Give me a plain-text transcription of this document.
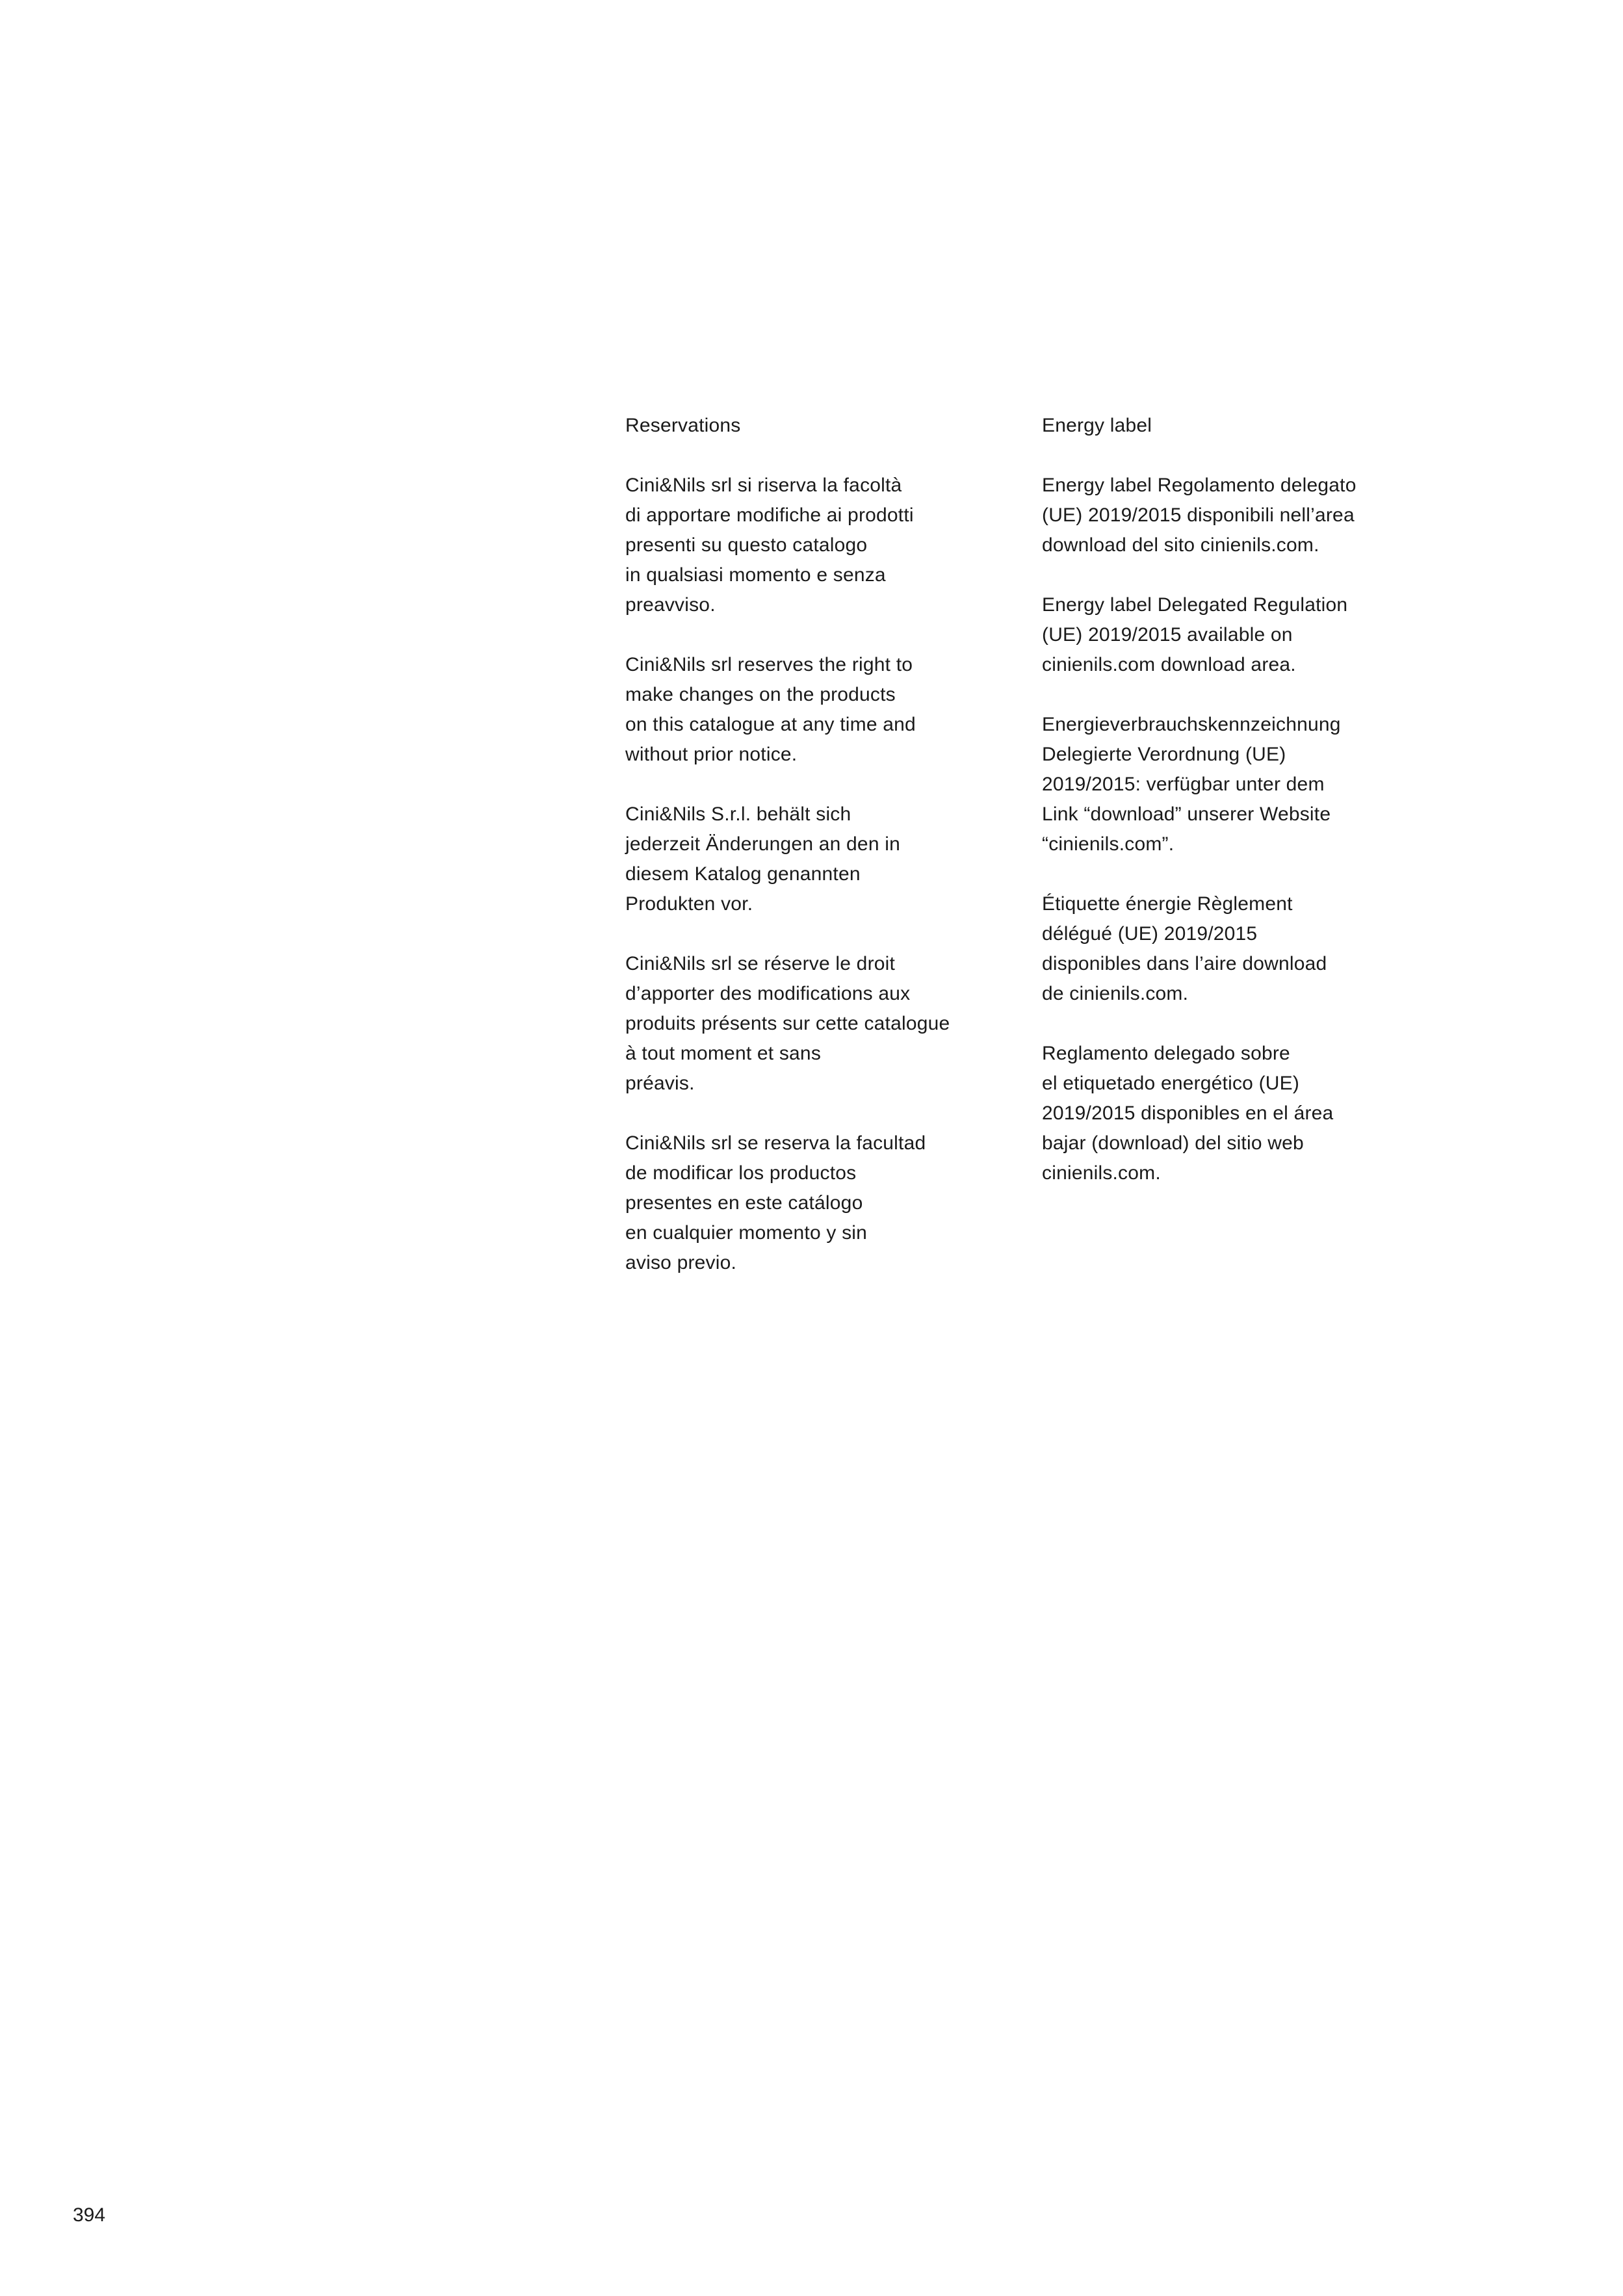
Reservations

Cini&Nils srl si riserva la facoltà
di apportare modifiche ai prodotti
presenti su questo catalogo
in qualsiasi momento e senza
preavviso.

Cini&Nils srl reserves the right to
make changes on the products
on this catalogue at any time and
without prior notice.

Cini&Nils S.r.l. behält sich
jederzeit Änderungen an den in
diesem Katalog genannten
Produkten vor.

Cini&Nils srl se réserve le droit
d’apporter des modifications aux
produits présents sur cette catalogue
à tout moment et sans
préavis.

Cini&Nils srl se reserva la facultad
de modificar los productos
presentes en este catálogo
en cualquier momento y sin
aviso previo.

Energy label

Energy label Regolamento delegato
(UE) 2019/2015 disponibili nell’area
download del sito cinienils.com.

Energy label Delegated Regulation
(UE) 2019/2015 available on
cinienils.com download area.

Energieverbrauchskennzeichnung
Delegierte Verordnung (UE)
2019/2015: verfügbar unter dem
Link “download” unserer Website
“cinienils.com”.

Étiquette énergie Règlement
délégué (UE) 2019/2015
disponibles dans l’aire download
de cinienils.com.

Reglamento delegado sobre
el etiquetado energético (UE)
2019/2015 disponibles en el área
bajar (download) del sitio web
cinienils.com.

394
